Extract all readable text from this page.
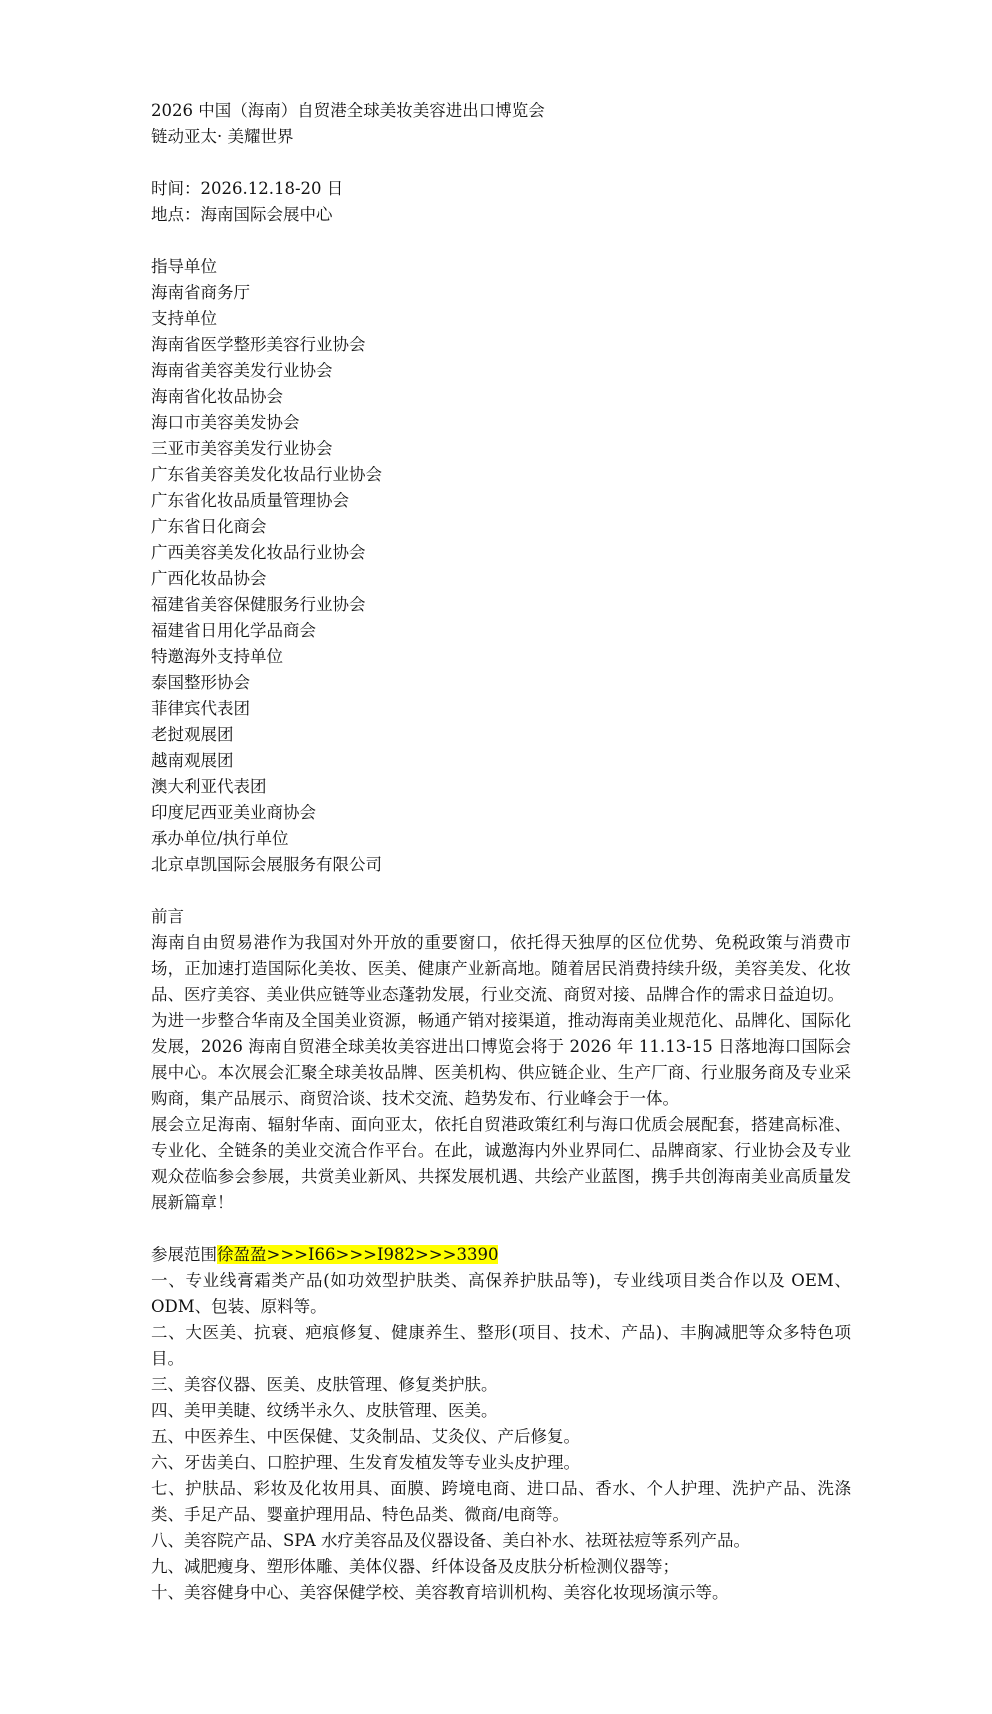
2026 中国（海南）自贸港全球美妆美容进出口博览会
链动亚太· 美耀世界
时间：2026.12.18-20 日
地点：海南国际会展中心
指导单位
海南省商务厅
支持单位
海南省医学整形美容行业协会
海南省美容美发行业协会
海南省化妆品协会
海口市美容美发协会
三亚市美容美发行业协会
广东省美容美发化妆品行业协会
广东省化妆品质量管理协会
广东省日化商会
广西美容美发化妆品行业协会
广西化妆品协会
福建省美容保健服务行业协会
福建省日用化学品商会
特邀海外支持单位
泰国整形协会
菲律宾代表团
老挝观展团
越南观展团
澳大利亚代表团
印度尼西亚美业商协会
承办单位/执行单位
北京卓凯国际会展服务有限公司
前言
海南自由贸易港作为我国对外开放的重要窗口，依托得天独厚的区位优势、免税政策与消费市场，正加速打造国际化美妆、医美、健康产业新高地。随着居民消费持续升级，美容美发、化妆品、医疗美容、美业供应链等业态蓬勃发展，行业交流、商贸对接、品牌合作的需求日益迫切。
为进一步整合华南及全国美业资源，畅通产销对接渠道，推动海南美业规范化、品牌化、国际化发展，2026 海南自贸港全球美妆美容进出口博览会将于 2026 年 11.13-15 日落地海口国际会展中心。本次展会汇聚全球美妆品牌、医美机构、供应链企业、生产厂商、行业服务商及专业采购商，集产品展示、商贸洽谈、技术交流、趋势发布、行业峰会于一体。
展会立足海南、辐射华南、面向亚太，依托自贸港政策红利与海口优质会展配套，搭建高标准、专业化、全链条的美业交流合作平台。在此，诚邀海内外业界同仁、品牌商家、行业协会及专业观众莅临参会参展，共赏美业新风、共探发展机遇、共绘产业蓝图，携手共创海南美业高质量发展新篇章！
参展范围徐盈盈>>>I66>>>I982>>>3390
一、专业线膏霜类产品(如功效型护肤类、高保养护肤品等)，专业线项目类合作以及 OEM、ODM、包装、原料等。
二、大医美、抗衰、疤痕修复、健康养生、整形(项目、技术、产品)、丰胸减肥等众多特色项目。
三、美容仪器、医美、皮肤管理、修复类护肤。
四、美甲美睫、纹绣半永久、皮肤管理、医美。
五、中医养生、中医保健、艾灸制品、艾灸仪、产后修复。
六、牙齿美白、口腔护理、生发育发植发等专业头皮护理。
七、护肤品、彩妆及化妆用具、面膜、跨境电商、进口品、香水、个人护理、洗护产品、洗涤类、手足产品、婴童护理用品、特色品类、微商/电商等。
八、美容院产品、SPA 水疗美容品及仪器设备、美白补水、祛斑祛痘等系列产品。
九、减肥瘦身、塑形体雕、美体仪器、纤体设备及皮肤分析检测仪器等；
十、美容健身中心、美容保健学校、美容教育培训机构、美容化妆现场演示等。
